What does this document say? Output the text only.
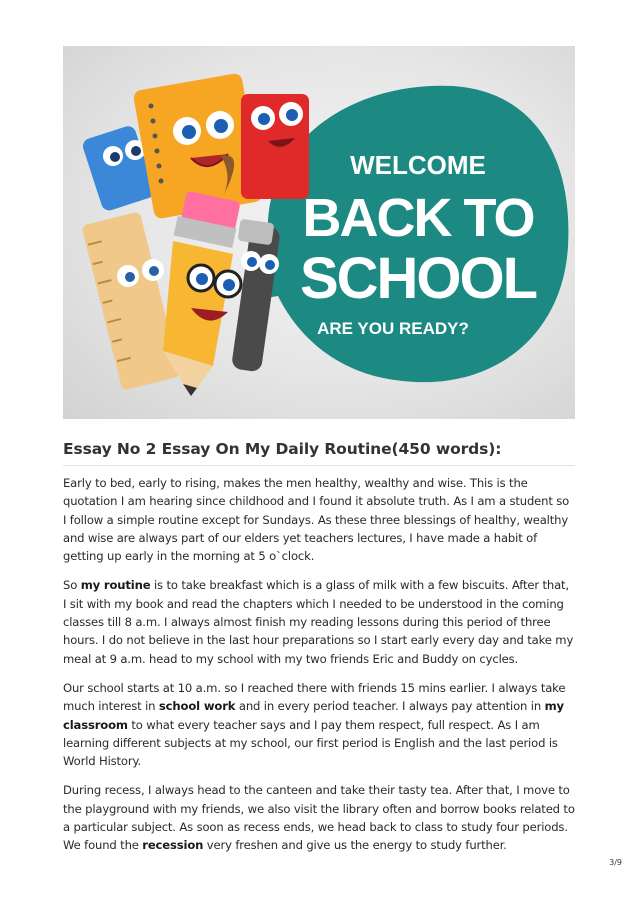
WELCOME
BACK TO
SCHOOL
ARE YOU READY?
Essay No 2 Essay On My Daily Routine(450 words):

Early to bed, early to rising, makes the men healthy, wealthy and wise. This is the quotation I am hearing since childhood and I found it absolute truth. As I am a student so I follow a simple routine except for Sundays. As these three blessings of healthy, wealthy and wise are always part of our elders yet teachers lectures, I have made a habit of getting up early in the morning at 5 o`clock.

So my routine is to take breakfast which is a glass of milk with a few biscuits. After that, I sit with my book and read the chapters which I needed to be understood in the coming classes till 8 a.m. I always almost finish my reading lessons during this period of three hours. I do not believe in the last hour preparations so I start early every day and take my meal at 9 a.m. head to my school with my two friends Eric and Buddy on cycles.

Our school starts at 10 a.m. so I reached there with friends 15 mins earlier. I always take much interest in school work and in every period teacher. I always pay attention in my classroom to what every teacher says and I pay them respect, full respect. As I am learning different subjects at my school, our first period is English and the last period is World History.

During recess, I always head to the canteen and take their tasty tea. After that, I move to the playground with my friends, we also visit the library often and borrow books related to a particular subject. As soon as recess ends, we head back to class to study four periods. We found the recession very freshen and give us the energy to study further.

3/9
